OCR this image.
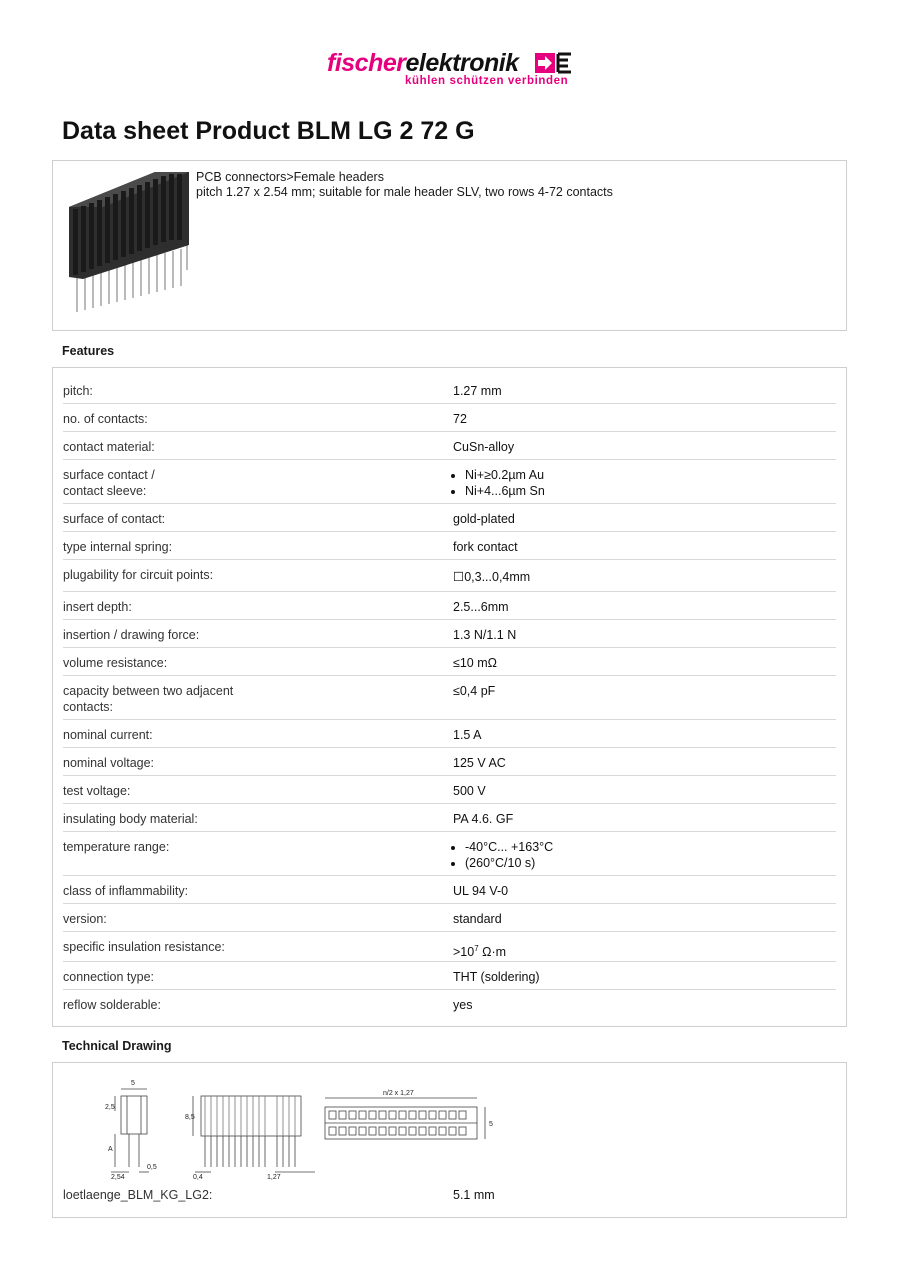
fischerelektronik
kühlen schützen verbinden
Data sheet Product BLM LG 2 72 G
PCB connectors>Female headers
pitch 1.27 x 2.54 mm; suitable for male header SLV, two rows 4-72 contacts
Features
pitch:	1.27 mm
no. of contacts:	72
contact material:	CuSn-alloy
surface contact /
contact sleeve:
• Ni+≥0.2µm Au
• Ni+4...6µm Sn
surface of contact:	gold-plated
type internal spring:	fork contact
plugability for circuit points:	☐0,3...0,4mm
insert depth:	2.5...6mm
insertion / drawing force:	1.3 N/1.1 N
volume resistance:	≤10 mΩ
capacity between two adjacent
contacts:
≤0,4 pF
nominal current:	1.5 A
nominal voltage:	125 V AC
test voltage:	500 V
insulating body material:	PA 4.6. GF
temperature range:
•	-40°C... +163°C
• (260°C/10 s)
class of inflammability:	UL 94 V-0
version:	standard
specific insulation resistance:	$>10^7$ Ω·m
connection type:	THT (soldering)
reflow solderable:	yes
Technical Drawing
5
2,5
A
2,54
0,5
8,5
0,4	1,27
n/2 x 1,27
5
loetlaenge_BLM_KG_LG2:	5.1 mm
